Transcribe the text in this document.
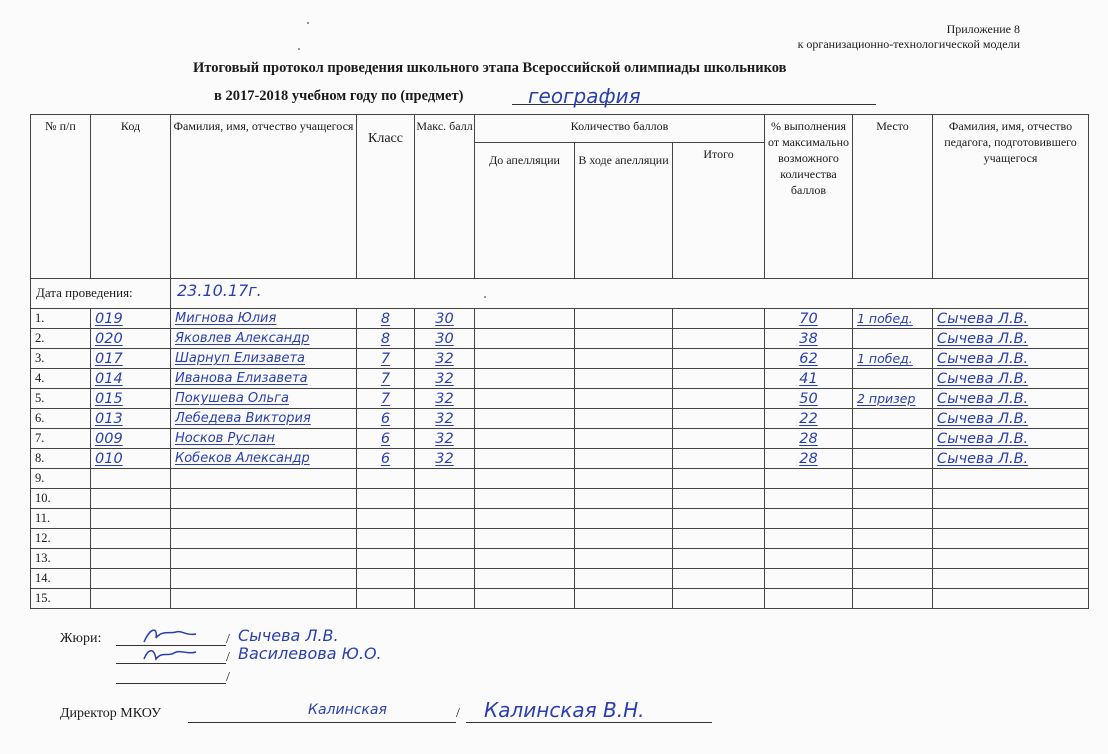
Приложение 8
к организационно-технологической модели
Итоговый протокол проведения школьного этапа Всероссийской олимпиады школьников
в 2017-2018 учебном году по (предмет)	география
№ п/п	Код	Фамилия, имя, отчество учащегося	Класс	Макс. балл	Количество баллов			% выполнения от максимально возможного количества баллов	Место	Фамилия, имя, отчество педагога, подготовившего учащегося
					До апелляции	В ходе апелляции	Итого			
Дата проведения:		23.10.17г.								
1.	019	Мигнова Юлия	8	30				70	1 побед.	Сычева Л.В.
2.	020	Яковлев Александр	8	30				38		Сычева Л.В.
3.	017	Шарнуп Елизавета	7	32				62	1 побед.	Сычева Л.В.
4.	014	Иванова Елизавета	7	32				41		Сычева Л.В.
5.	015	Покушева Ольга	7	32				50	2 призер	Сычева Л.В.
6.	013	Лебедева Виктория	6	32				22		Сычева Л.В.
7.	009	Носков Руслан	6	32				28		Сычева Л.В.
8.	010	Кобеков Александр	6	32				28		Сычева Л.В.
9.										
10.										
11.										
12.										
13.										
14.										
15.										
Жюри:	/
/
/
Сычева Л.В.
Василевова Ю.О.
Директор МКОУ	/
Калинская	Калинская В.Н.
